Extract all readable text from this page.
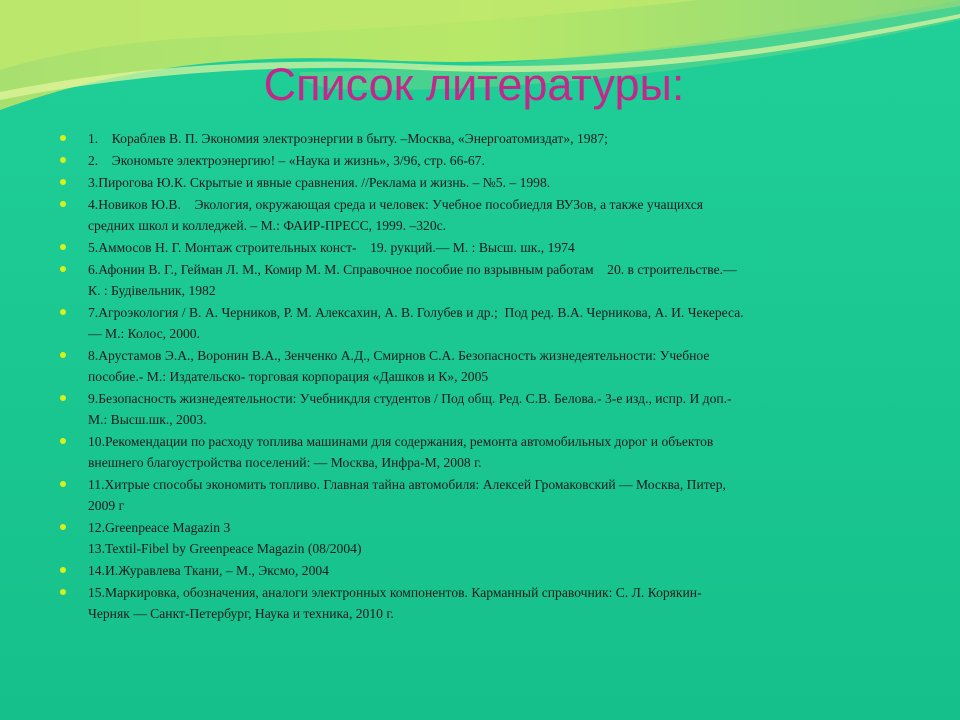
Список литературы:
1.    Кораблев В. П. Экономия электроэнергии в быту. –Москва, «Энергоатомиздат», 1987;
2.    Экономьте электроэнергию! – «Наука и жизнь», 3/96, стр. 66-67.
3.Пирогова Ю.К. Скрытые и явные сравнения. //Реклама и жизнь. – №5. – 1998.
4.Новиков Ю.В.    Экология, окружающая среда и человек: Учебное пособиедля ВУЗов, а также учащихся
средних школ и колледжей. – М.: ФАИР-ПРЕСС, 1999. –320с.
5.Аммосов Н. Г. Монтаж строительных конст-    19. рукций.— М. : Высш. шк., 1974
6.Афонин В. Г., Гейман Л. М., Комир М. М. Справочное пособие по взрывным работам    20. в строительстве.—
К. : Будівельник, 1982
7.Агроэкология / В. А. Черников, Р. М. Алексахин, А. В. Голубев и др.;  Под ред. В.А. Черникова, А. И. Чекереса.
— М.: Колос, 2000.
8.Арустамов Э.А., Воронин В.А., Зенченко А.Д., Смирнов С.А. Безопасность жизнедеятельности: Учебное
пособие.- М.: Издательско- торговая корпорация «Дашков и К», 2005
9.Безопасность жизнедеятельности: Учебникдля студентов / Под общ. Ред. С.В. Белова.- 3-е изд., испр. И доп.-
М.: Высш.шк., 2003.
10.Рекомендации по расходу топлива машинами для содержания, ремонта автомобильных дорог и объектов
внешнего благоустройства поселений: — Москва, Инфра-М, 2008 г.
11.Хитрые способы экономить топливо. Главная тайна автомобиля: Алексей Громаковский — Москва, Питер,
2009 г
12.Greenpeace Magazin 3
13.Textil-Fibel by Greenpeace Magazin (08/2004)
14.И.Журавлева Ткани, – М., Эксмо, 2004
15.Маркировка, обозначения, аналоги электронных компонентов. Карманный справочник: С. Л. Корякин-
Черняк — Санкт-Петербург, Наука и техника, 2010 г.
